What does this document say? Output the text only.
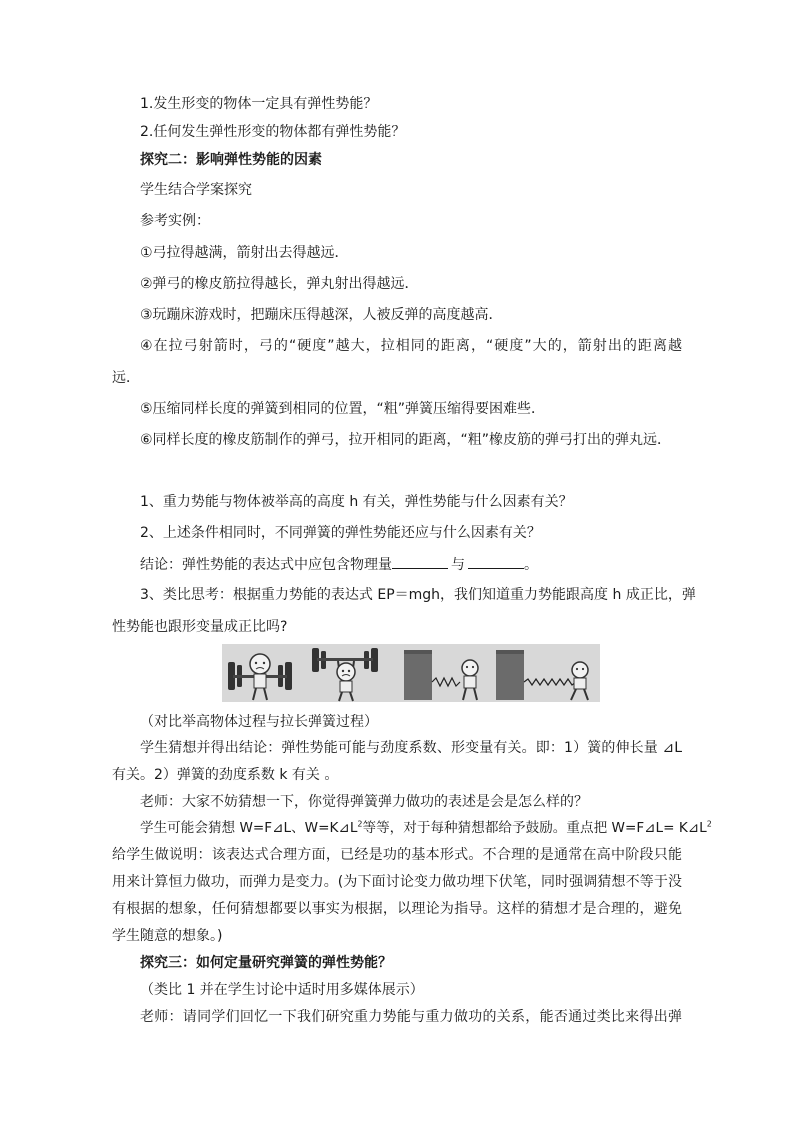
1.发生形变的物体一定具有弹性势能？
2.任何发生弹性形变的物体都有弹性势能？
探究二：影响弹性势能的因素
学生结合学案探究
参考实例：
①弓拉得越满，箭射出去得越远．
②弹弓的橡皮筋拉得越长，弹丸射出得越远．
③玩蹦床游戏时，把蹦床压得越深，人被反弹的高度越高．
④在拉弓射箭时，弓的“硬度”越大，拉相同的距离，“硬度”大的，箭射出的距离越
远．
⑤压缩同样长度的弹簧到相同的位置，“粗”弹簧压缩得要困难些．
⑥同样长度的橡皮筋制作的弹弓，拉开相同的距离，“粗”橡皮筋的弹弓打出的弹丸远．
1、重力势能与物体被举高的高度 h 有关，弹性势能与什么因素有关？
2、上述条件相同时，不同弹簧的弹性势能还应与什么因素有关？
结论：弹性势能的表达式中应包含物理量	与	。
3、类比思考：根据重力势能的表达式 EP＝mgh，我们知道重力势能跟高度 h 成正比，弹
性势能也跟形变量成正比吗?
（对比举高物体过程与拉长弹簧过程）
学生猜想并得出结论：弹性势能可能与劲度系数、形变量有关。即：1）簧的伸长量 ⊿L
有关。2）弹簧的劲度系数 k 有关 。
老师：大家不妨猜想一下，你觉得弹簧弹力做功的表述是会是怎么样的？
学生可能会猜想 W=F⊿L、$W=K⊿L^2$等等，对于每种猜想都给予鼓励。重点把 W=F⊿L= $K⊿L^2$
给学生做说明：该表达式合理方面，已经是功的基本形式。不合理的是通常在高中阶段只能
用来计算恒力做功，而弹力是变力。(为下面讨论变力做功埋下伏笔，同时强调猜想不等于没
有根据的想象，任何猜想都要以事实为根据，以理论为指导。这样的猜想才是合理的，避免
学生随意的想象。)
探究三：如何定量研究弹簧的弹性势能？
（类比 1 并在学生讨论中适时用多媒体展示）
老师：请同学们回忆一下我们研究重力势能与重力做功的关系，能否通过类比来得出弹
